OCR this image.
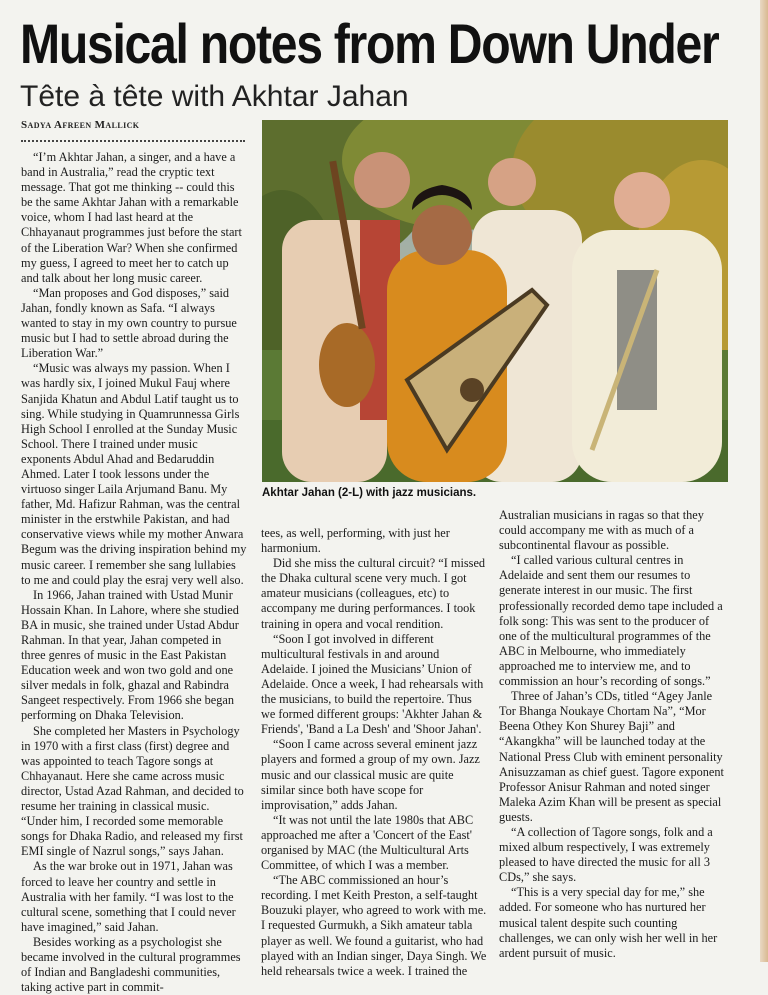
Musical notes from Down Under
Tête à tête with Akhtar Jahan
Sadya Afreen Mallick

“I’m Akhtar Jahan, a singer, and a have a band in Australia,” read the cryptic text message. That got me thinking -- could this be the same Akhtar Jahan with a remarkable voice, whom I had last heard at the Chhayanaut programmes just before the start of the Liberation War? When she confirmed my guess, I agreed to meet her to catch up and talk about her long music career.

“Man proposes and God disposes,” said Jahan, fondly known as Safa. “I always wanted to stay in my own country to pursue music but I had to settle abroad during the Liberation War.”

“Music was always my passion. When I was hardly six, I joined Mukul Fauj where Sanjida Khatun and Abdul Latif taught us to sing. While studying in Quamrunnessa Girls High School I enrolled at the Sunday Music School. There I trained under music exponents Abdul Ahad and Bedaruddin Ahmed. Later I took lessons under the virtuoso singer Laila Arjumand Banu. My father, Md. Hafizur Rahman, was the central minister in the erstwhile Pakistan, and had conservative views while my mother Anwara Begum was the driving inspiration behind my music career. I remember she sang lullabies to me and could play the esraj very well also.

In 1966, Jahan trained with Ustad Munir Hossain Khan. In Lahore, where she studied BA in music, she trained under Ustad Abdur Rahman. In that year, Jahan competed in three genres of music in the East Pakistan Education week and won two gold and one silver medals in folk, ghazal and Rabindra Sangeet respectively. From 1966 she began performing on Dhaka Television.

She completed her Masters in Psychology in 1970 with a first class (first) degree and was appointed to teach Tagore songs at Chhayanaut. Here she came across music director, Ustad Azad Rahman, and decided to resume her training in classical music. “Under him, I recorded some memorable songs for Dhaka Radio, and released my first EMI single of Nazrul songs,” says Jahan.

As the war broke out in 1971, Jahan was forced to leave her country and settle in Australia with her family. “I was lost to the cultural scene, something that I could never have imagined,” said Jahan.

Besides working as a psychologist she became involved in the cultural programmes of Indian and Bangladeshi communities, taking active part in commit-

Akhtar Jahan (2-L) with jazz musicians.

tees, as well, performing, with just her harmonium.

Did she miss the cultural circuit? “I missed the Dhaka cultural scene very much. I got amateur musicians (colleagues, etc) to accompany me during performances. I took training in opera and vocal rendition.

“Soon I got involved in different multicultural festivals in and around Adelaide. I joined the Musicians’ Union of Adelaide. Once a week, I had rehearsals with the musicians, to build the repertoire. Thus we formed different groups: 'Akhter Jahan & Friends', 'Band a La Desh' and 'Shoor Jahan'.

“Soon I came across several eminent jazz players and formed a group of my own. Jazz music and our classical music are quite similar since both have scope for improvisation,” adds Jahan.

“It was not until the late 1980s that ABC approached me after a 'Concert of the East' organised by MAC (the Multicultural Arts Committee, of which I was a member.

“The ABC commissioned an hour’s recording. I met Keith Preston, a self-taught Bouzuki player, who agreed to work with me. I requested Gurmukh, a Sikh amateur tabla player as well. We found a guitarist, who had played with an Indian singer, Daya Singh. We held rehearsals twice a week. I trained the

Australian musicians in ragas so that they could accompany me with as much of a subcontinental flavour as possible.

“I called various cultural centres in Adelaide and sent them our resumes to generate interest in our music. The first professionally recorded demo tape included a folk song: This was sent to the producer of one of the multicultural programmes of the ABC in Melbourne, who immediately approached me to interview me, and to commission an hour’s recording of songs.”

Three of Jahan’s CDs, titled “Agey Janle Tor Bhanga Noukaye Chortam Na”, “Mor Beena Othey Kon Shurey Baji” and “Akangkha” will be launched today at the National Press Club with eminent personality Anisuzzaman as chief guest. Tagore exponent Professor Anisur Rahman and noted singer Maleka Azim Khan will be present as special guests.

“A collection of Tagore songs, folk and a mixed album respectively, I was extremely pleased to have directed the music for all 3 CDs,” she says.

“This is a very special day for me,” she added. For someone who has nurtured her musical talent despite such counting challenges, we can only wish her well in her ardent pursuit of music.
